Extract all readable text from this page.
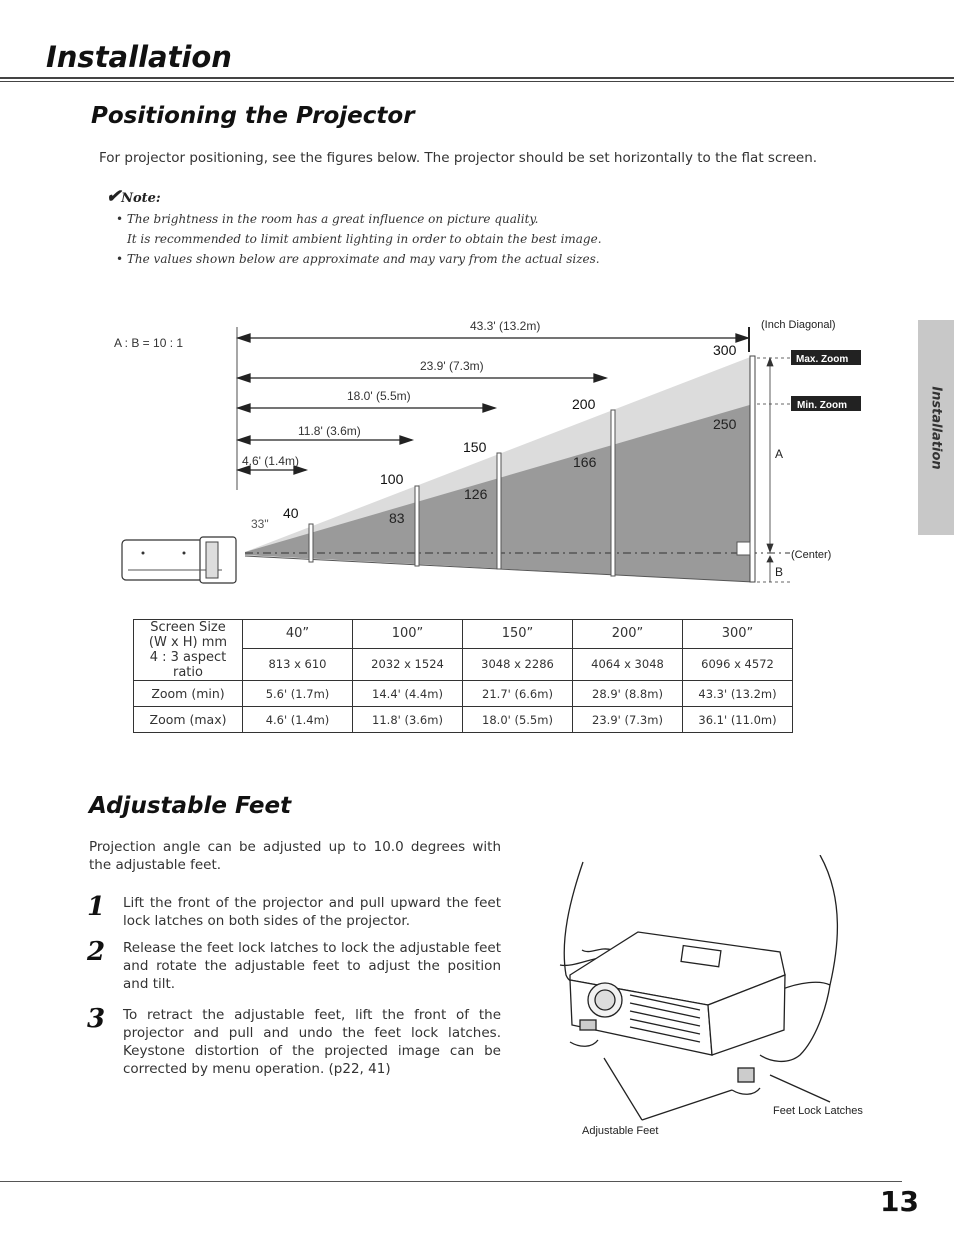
Installation
Installation
Positioning the Projector
For projector positioning, see the figures below. The projector should be set horizontally to the flat screen.
✔Note:
• The brightness in the room has a great influence on picture quality.
It is recommended to limit ambient lighting in order to obtain the best image.
• The values shown below are approximate and may vary from the actual sizes.
A : B = 10 : 1
43.3' (13.2m)
23.9' (7.3m)
18.0' (5.5m)
11.8' (3.6m)
4.6' (1.4m)
(Inch Diagonal)
Max. Zoom
Min. Zoom
300
200
150
100
40
250
166
126
83
33"
A
B
(Center)
Screen Size
(W x H) mm
4 : 3 aspect ratio	40”	100”	150”	200”	300”
	813 x 610	2032 x 1524	3048 x 2286	4064 x 3048	6096 x 4572
Zoom (min)	5.6' (1.7m)	14.4' (4.4m)	21.7' (6.6m)	28.9' (8.8m)	43.3' (13.2m)
Zoom (max)	4.6' (1.4m)	11.8' (3.6m)	18.0' (5.5m)	23.9' (7.3m)	36.1' (11.0m)
Adjustable Feet
Projection angle can be adjusted up to 10.0 degrees with the adjustable feet.
1 Lift the front of the projector and pull upward the feet lock latches on both sides of the projector.
2 Release the feet lock latches to lock the adjustable feet and rotate the adjustable feet to adjust the position and tilt.
3 To retract the adjustable feet, lift the front of the projector and pull and undo the feet lock latches. Keystone distortion of the projected image can be corrected by menu operation. (p22, 41)
Adjustable Feet
Feet Lock Latches
13
